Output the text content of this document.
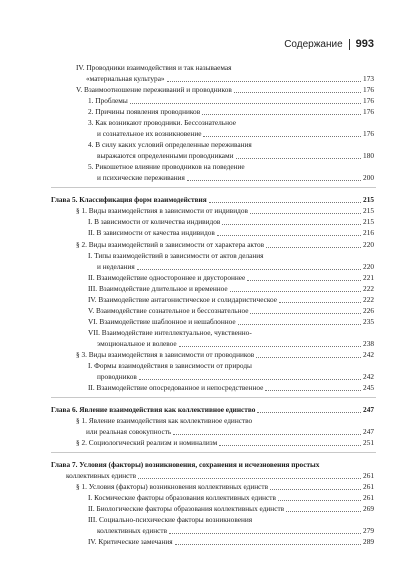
Содержание 993
IV. Проводники взаимодействия и так называемая
«материальная культура»	173
V. Взаимоотношение переживаний и проводников	176
1. Проблемы	176
2. Причины появления проводников	176
3. Как возникают проводники. Бессознательное
и сознательное их возникновение	176
4. В силу каких условий определенные переживания
выражаются определенными проводниками	180
5. Рикошетное влияние проводников на поведение
и психические переживания	200
Глава 5. Классификация форм взаимодействия	215
§ 1. Виды взаимодействия в зависимости от индивидов	215
I. В зависимости от количества индивидов	215
II. В зависимости от качества индивидов	216
§ 2. Виды взаимодействий в зависимости от характера актов	220
I. Типы взаимодействий в зависимости от актов делания
и неделания	220
II. Взаимодействие одностороннее и двустороннее	221
III. Взаимодействие длительное и временное	222
IV. Взаимодействие антагонистическое и солидаристическое	222
V. Взаимодействие сознательное и бессознательное	226
VI. Взаимодействие шаблонное и нешаблонное	235
VII. Взаимодействие интеллектуальное, чувственно-
эмоциональное и волевое	238
§ 3. Виды взаимодействия в зависимости от проводников	242
I. Формы взаимодействия в зависимости от природы
проводников	242
II. Взаимодействие опосредованное и непосредственное	245
Глава 6. Явление взаимодействия как коллективное единство	247
§ 1. Явление взаимодействия как коллективное единство
или реальная совокупность	247
§ 2. Социологический реализм и номинализм	251
Глава 7. Условия (факторы) возникновения, сохранения и исчезновения простых
коллективных единств	261
§ 1. Условия (факторы) возникновения коллективных единств	261
I. Космические факторы образования коллективных единств	261
II. Биологические факторы образования коллективных единств	269
III. Социально-психические факторы возникновения
коллективных единств	279
IV. Критические замечания	289
